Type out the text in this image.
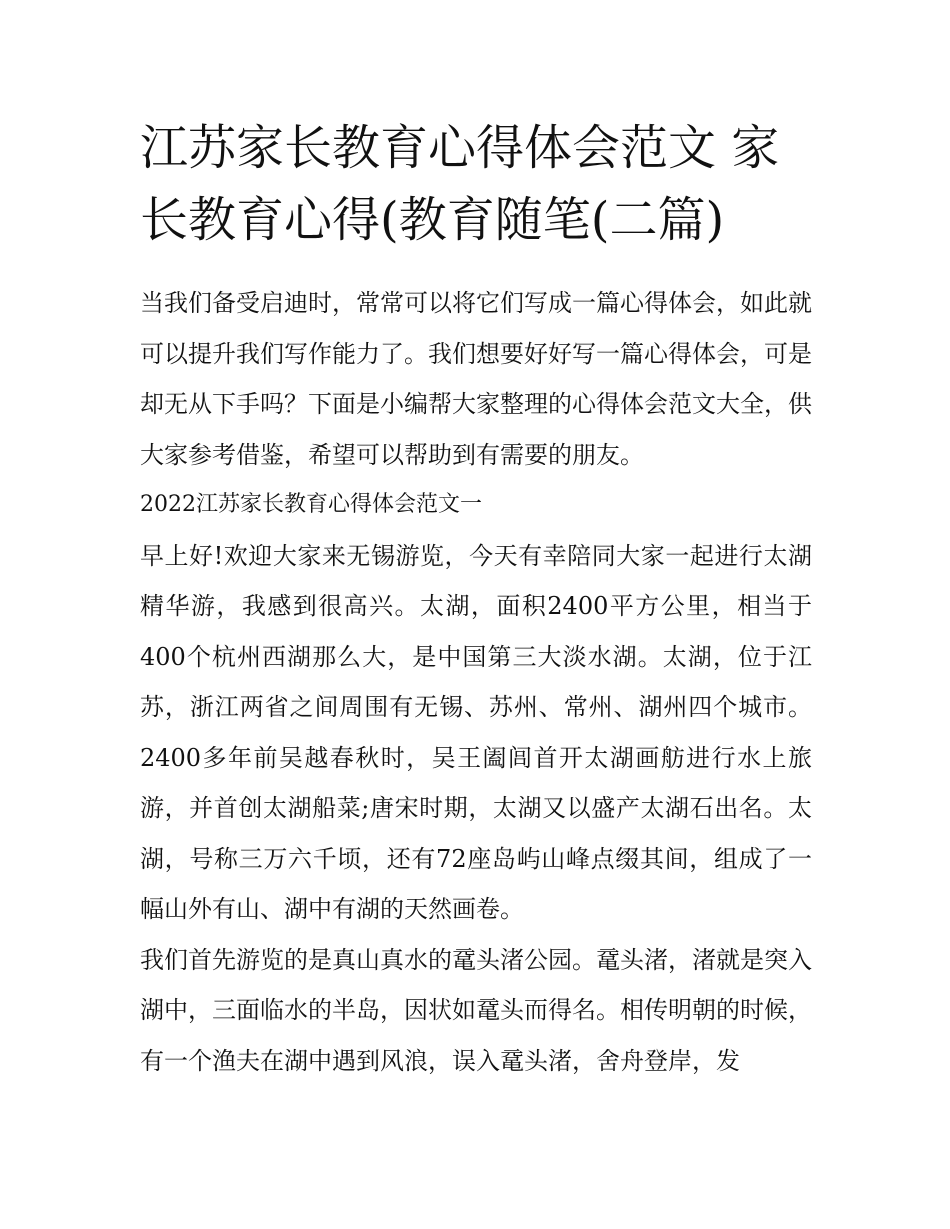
江苏家长教育心得体会范文 家长教育心得(教育随笔(二篇)

当我们备受启迪时，常常可以将它们写成一篇心得体会，如此就可以提升我们写作能力了。我们想要好好写一篇心得体会，可是却无从下手吗？下面是小编帮大家整理的心得体会范文大全，供大家参考借鉴，希望可以帮助到有需要的朋友。

2022江苏家长教育心得体会范文一

早上好!欢迎大家来无锡游览，今天有幸陪同大家一起进行太湖精华游，我感到很高兴。太湖，面积2400平方公里，相当于400个杭州西湖那么大，是中国第三大淡水湖。太湖，位于江苏，浙江两省之间周围有无锡、苏州、常州、湖州四个城市。2400多年前吴越春秋时，吴王阖闾首开太湖画舫进行水上旅游，并首创太湖船菜;唐宋时期，太湖又以盛产太湖石出名。太湖，号称三万六千顷，还有72座岛屿山峰点缀其间，组成了一幅山外有山、湖中有湖的天然画卷。

我们首先游览的是真山真水的鼋头渚公园。鼋头渚，渚就是突入湖中，三面临水的半岛，因状如鼋头而得名。相传明朝的时候，有一个渔夫在湖中遇到风浪，误入鼋头渚，舍舟登岸，发
